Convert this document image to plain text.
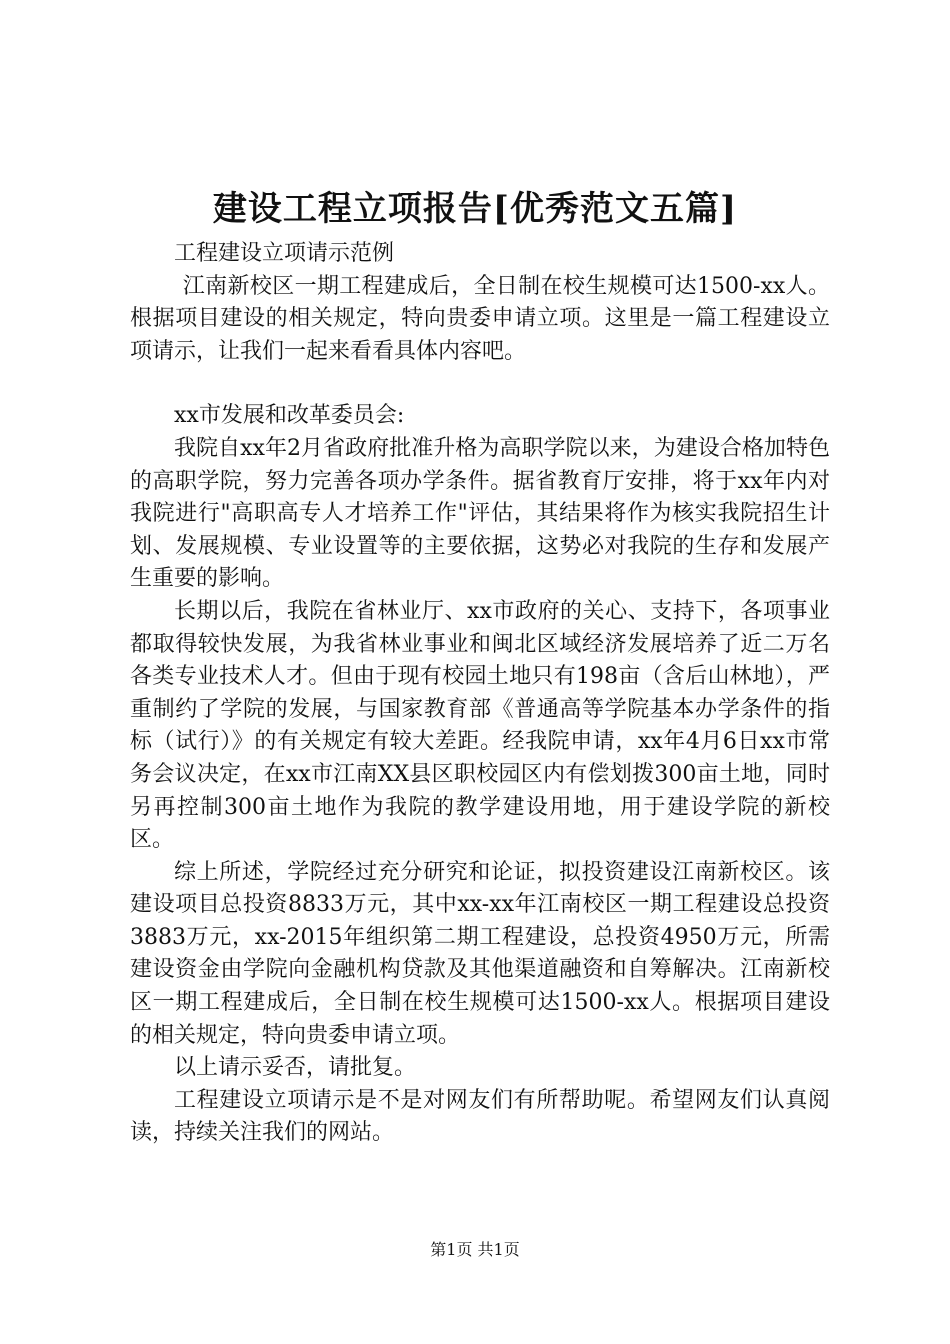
建设工程立项报告[优秀范文五篇]

工程建设立项请示范例

江南新校区一期工程建成后，全日制在校生规模可达1500-xx人。根据项目建设的相关规定，特向贵委申请立项。这里是一篇工程建设立项请示，让我们一起来看看具体内容吧。

xx市发展和改革委员会:

我院自xx年2月省政府批准升格为高职学院以来，为建设合格加特色的高职学院，努力完善各项办学条件。据省教育厅安排，将于xx年内对我院进行"高职高专人才培养工作"评估，其结果将作为核实我院招生计划、发展规模、专业设置等的主要依据，这势必对我院的生存和发展产生重要的影响。

长期以后，我院在省林业厅、xx市政府的关心、支持下，各项事业都取得较快发展，为我省林业事业和闽北区域经济发展培养了近二万名各类专业技术人才。但由于现有校园土地只有198亩（含后山林地），严重制约了学院的发展，与国家教育部《普通高等学院基本办学条件的指标（试行）》的有关规定有较大差距。经我院申请，xx年4月6日xx市常务会议决定，在xx市江南XX县区职校园区内有偿划拨300亩土地，同时另再控制300亩土地作为我院的教学建设用地，用于建设学院的新校区。

综上所述，学院经过充分研究和论证，拟投资建设江南新校区。该建设项目总投资8833万元，其中xx-xx年江南校区一期工程建设总投资3883万元，xx-2015年组织第二期工程建设，总投资4950万元，所需建设资金由学院向金融机构贷款及其他渠道融资和自筹解决。江南新校区一期工程建成后，全日制在校生规模可达1500-xx人。根据项目建设的相关规定，特向贵委申请立项。

以上请示妥否，请批复。

工程建设立项请示是不是对网友们有所帮助呢。希望网友们认真阅读，持续关注我们的网站。

第1页 共1页
